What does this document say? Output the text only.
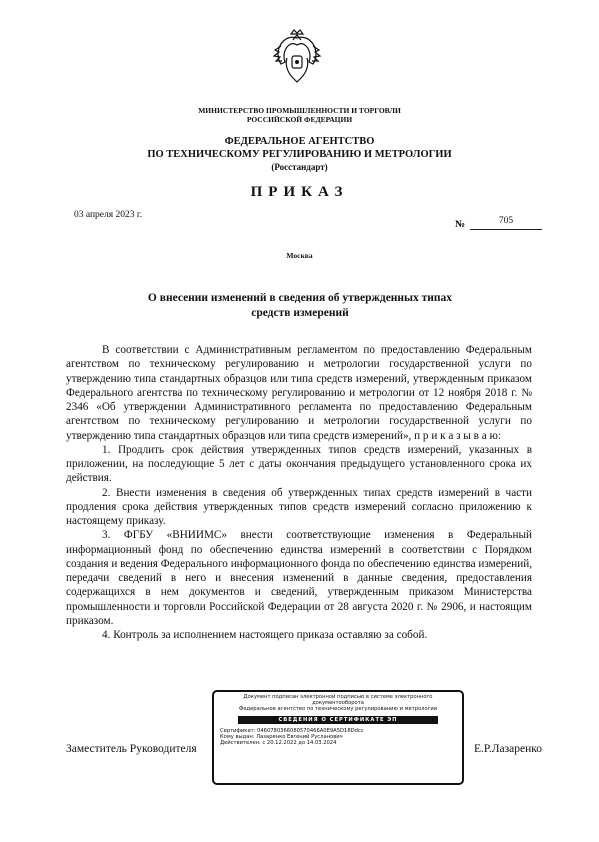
МИНИСТЕРСТВО ПРОМЫШЛЕННОСТИ И ТОРГОВЛИ
РОССИЙСКОЙ ФЕДЕРАЦИИ
ФЕДЕРАЛЬНОЕ АГЕНТСТВО
ПО ТЕХНИЧЕСКОМУ РЕГУЛИРОВАНИЮ И МЕТРОЛОГИИ
(Росстандарт)
ПРИКАЗ
03 апреля 2023 г.
№	705
Москва
О внесении изменений в сведения об утвержденных типах
средств измерений

В соответствии с Административным регламентом по предоставлению Федеральным агентством по техническому регулированию и метрологии государственной услуги по утверждению типа стандартных образцов или типа средств измерений, утвержденным приказом Федерального агентства по техническому регулированию и метрологии от 12 ноября 2018 г. № 2346 «Об утверждении Административного регламента по предоставлению Федеральным агентством по техническому регулированию и метрологии государственной услуги по утверждению типа стандартных образцов или типа средств измерений», п р и к а з ы в а ю:

1. Продлить срок действия утвержденных типов средств измерений, указанных в приложении, на последующие 5 лет с даты окончания предыдущего установленного срока их действия.

2. Внести изменения в сведения об утвержденных типах средств измерений в части продления срока действия утвержденных типов средств измерений согласно приложению к настоящему приказу.

3. ФГБУ «ВНИИМС» внести соответствующие изменения в Федеральный информационный фонд по обеспечению единства измерений в соответствии с Порядком создания и ведения Федерального информационного фонда по обеспечению единства измерений, передачи сведений в него и внесения изменений в данные сведения, предоставления содержащихся в нем документов и сведений, утвержденным приказом Министерства промышленности и торговли Российской Федерации от 28 августа 2020 г. № 2906, и настоящим приказом.

4. Контроль за исполнением настоящего приказа оставляю за собой.

Заместитель Руководителя	Е.Р.Лазаренко
Документ подписан электронной подписью в системе электронного документооборота
Федеральное агентство по техническому регулированию и метрологии
СВЕДЕНИЯ О СЕРТИФИКАТЕ ЭП
Сертификат: 0460780366080570466A0E9A5D18Ddcc
Кому выдан: Лазаренко Евгений Русланович
Действителен: с 20.12.2022 до 14.03.2024
